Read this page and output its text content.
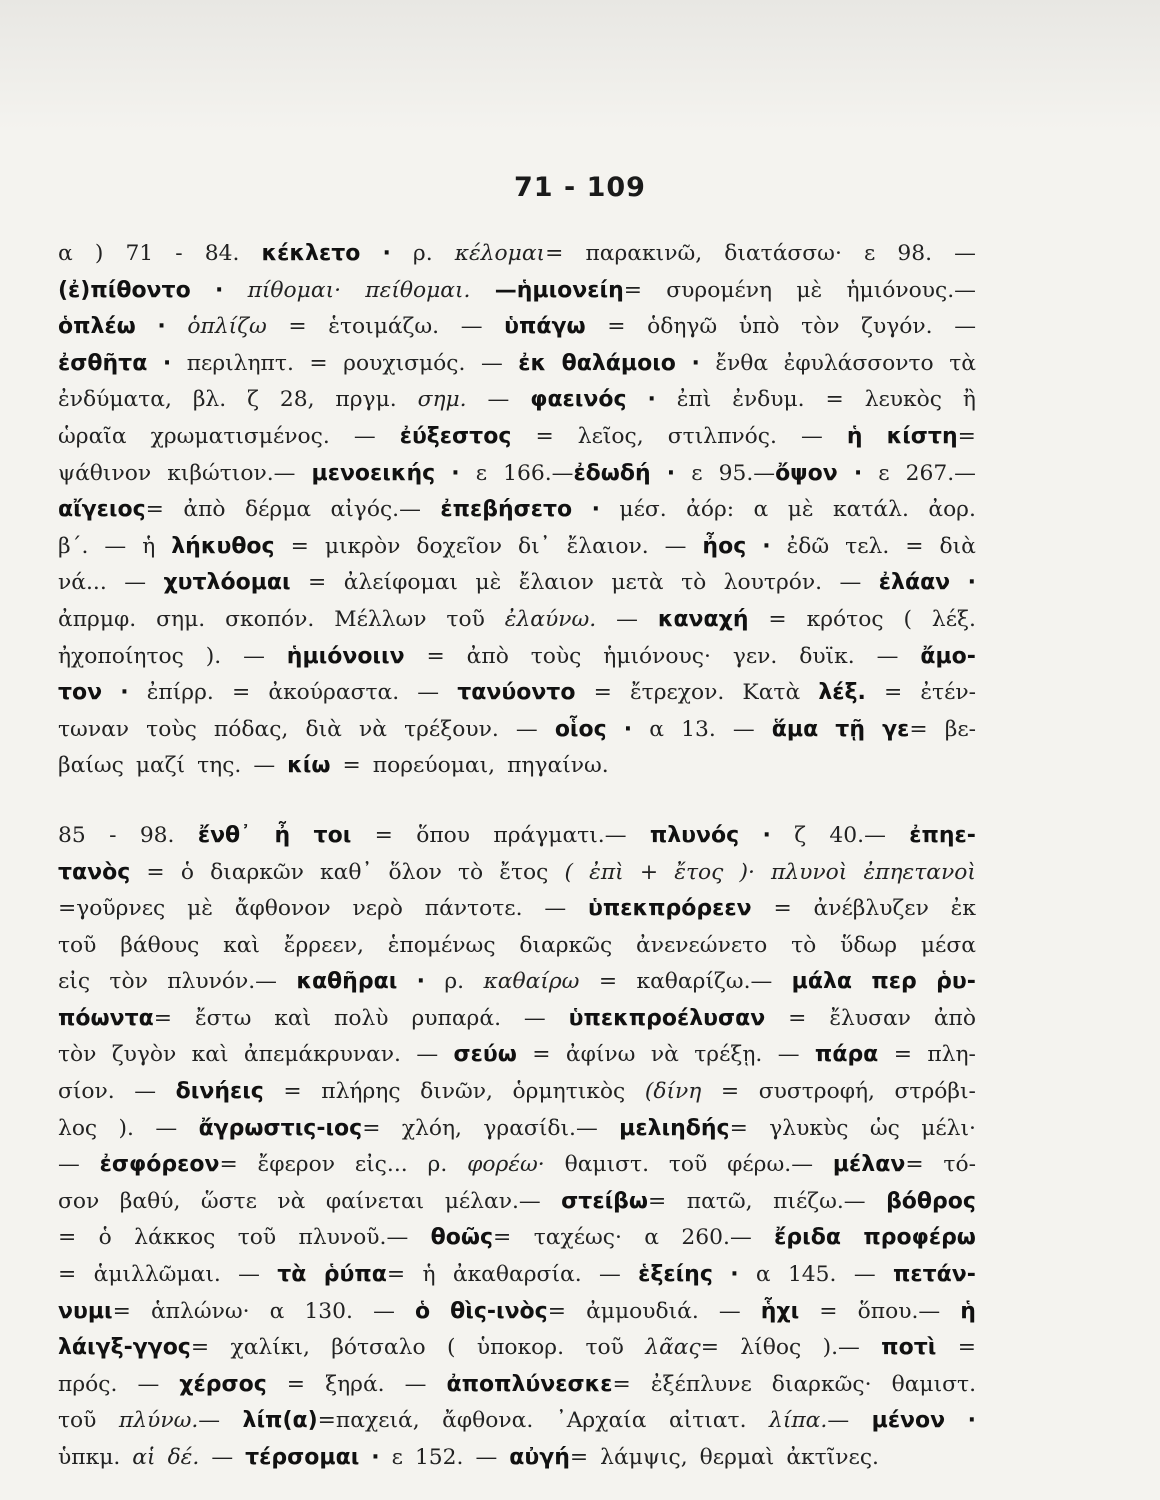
71 - 109
α ) 71 - 84. κέκλετο · ρ. κέλομαι= παρακινῶ, διατάσσω· ε 98. —
(ἐ)πίθοντο · πίθομαι· πείθομαι. —ἡμιονείη= συρομένη μὲ ἡμιόνους.—
ὁπλέω · ὁπλίζω = ἑτοιμάζω. — ὑπάγω = ὁδηγῶ ὑπὸ τὸν ζυγόν. —
ἐσθῆτα · περιληπτ. = ρουχισμός. — ἐκ θαλάμοιο · ἔνθα ἐφυλάσσοντο τὰ
ἐνδύματα, βλ. ζ 28, πργμ. σημ. — φαεινός · ἐπὶ ἐνδυμ. = λευκὸς ἢ
ὡραῖα χρωματισμένος. — ἐύξεστος = λεῖος, στιλπνός. — ἡ κίστη=
ψάθινον κιβώτιον.— μενοεικής · ε 166.—ἐδωδή · ε 95.—ὄψον · ε 267.—
αἴγειος= ἀπὸ δέρμα αἰγός.— ἐπεβήσετο · μέσ. ἀόρ: α μὲ κατάλ. ἀορ.
β΄. — ἡ λήκυθος = μικρὸν δοχεῖον δι᾽ ἔλαιον. — ἦος · ἐδῶ τελ. = διὰ
νά... — χυτλόομαι = ἀλείφομαι μὲ ἔλαιον μετὰ τὸ λουτρόν. — ἐλάαν ·
ἀπρμφ. σημ. σκοπόν. Μέλλων τοῦ ἐλαύνω. — καναχή = κρότος ( λέξ.
ἠχοποίητος ). — ἡμιόνοιιν = ἀπὸ τοὺς ἡμιόνους· γεν. δυϊκ. — ἄμο-
τον · ἐπίρρ. = ἀκούραστα. — τανύοντο = ἔτρεχον. Κατὰ λέξ. = ἐτέν-
τωναν τοὺς πόδας, διὰ νὰ τρέξουν. — οἷος · α 13. — ἅμα τῇ γε= βε-
βαίως μαζί της. — κίω = πορεύομαι, πηγαίνω.
85 - 98. ἔνθ᾽ ἦ τοι = ὅπου πράγματι.— πλυνός · ζ 40.— ἐπηε-
τανὸς = ὁ διαρκῶν καθ᾽ ὅλον τὸ ἔτος ( ἐπὶ + ἔτος )· πλυνοὶ ἐπηετανοὶ
=γοῦρνες μὲ ἄφθονον νερὸ πάντοτε. — ὑπεκπρόρεεν = ἀνέβλυζεν ἐκ
τοῦ βάθους καὶ ἔρρεεν, ἑπομένως διαρκῶς ἀνενεώνετο τὸ ὕδωρ μέσα
εἰς τὸν πλυνόν.— καθῆραι · ρ. καθαίρω = καθαρίζω.— μάλα περ ῥυ-
πόωντα= ἔστω καὶ πολὺ ρυπαρά. — ὑπεκπροέλυσαν = ἔλυσαν ἀπὸ
τὸν ζυγὸν καὶ ἀπεμάκρυναν. — σεύω = ἀφίνω νὰ τρέξῃ. — πάρα = πλη-
σίον. — δινήεις = πλήρης δινῶν, ὁρμητικὸς (δίνη = συστροφή, στρόβι-
λος ). — ἄγρωστις-ιος= χλόη, γρασίδι.— μελιηδής= γλυκὺς ὡς μέλι·
— ἐσφόρεον= ἔφερον εἰς... ρ. φορέω· θαμιστ. τοῦ φέρω.— μέλαν= τό-
σον βαθύ, ὥστε νὰ φαίνεται μέλαν.— στείβω= πατῶ, πιέζω.— βόθρος
= ὁ λάκκος τοῦ πλυνοῦ.— θοῶς= ταχέως· α 260.— ἔριδα προφέρω
= ἁμιλλῶμαι. — τὰ ῥύπα= ἡ ἀκαθαρσία. — ἑξείης · α 145. — πετάν-
νυμι= ἁπλώνω· α 130. — ὁ θὶς-ινὸς= ἀμμουδιά. — ἧχι = ὅπου.— ἡ
λάιγξ-γγος= χαλίκι, βότσαλο ( ὑποκορ. τοῦ λᾶας= λίθος ).— ποτὶ =
πρός. — χέρσος = ξηρά. — ἀποπλύνεσκε= ἐξέπλυνε διαρκῶς· θαμιστ.
τοῦ πλύνω.— λίπ(α)=παχειά, ἄφθονα. ᾽Αρχαία αἰτιατ. λίπα.— μένον ·
ὑπκμ. αἱ δέ. — τέρσομαι · ε 152. — αὐγή= λάμψις, θερμαὶ ἀκτῖνες.
